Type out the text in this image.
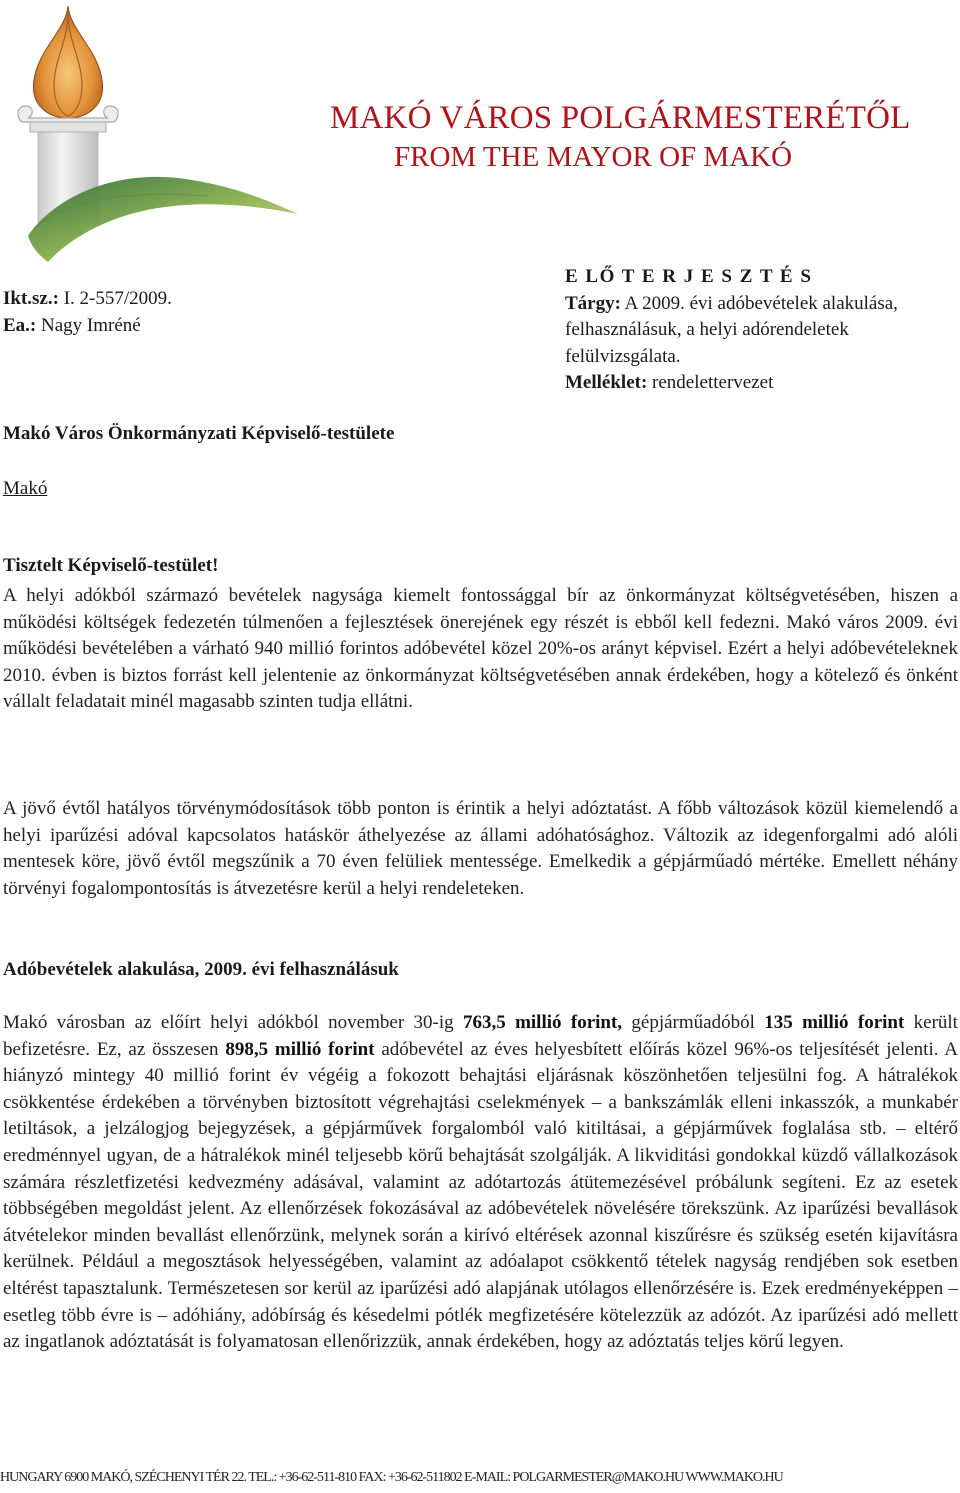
MAKÓ VÁROS POLGÁRMESTERÉTŐL
FROM THE MAYOR OF MAKÓ
Ikt.sz.: I. 2-557/2009.
Ea.: Nagy Imréné
E LŐ T E R J E S Z T É S
Tárgy: A 2009. évi adóbevételek alakulása, felhasználásuk, a helyi adórendeletek felülvizsgálata.
Melléklet: rendelettervezet
Makó Város Önkormányzati Képviselő-testülete
Makó
Tisztelt Képviselő-testület!
A helyi adókból származó bevételek nagysága kiemelt fontossággal bír az önkormányzat költségvetésében, hiszen a működési költségek fedezetén túlmenően a fejlesztések önerejének egy részét is ebből kell fedezni. Makó város 2009. évi működési bevételében a várható 940 millió forintos adóbevétel közel 20%-os arányt képvisel. Ezért a helyi adóbevételeknek 2010. évben is biztos forrást kell jelentenie az önkormányzat költségvetésében annak érdekében, hogy a kötelező és önként vállalt feladatait minél magasabb szinten tudja ellátni.
A jövő évtől hatályos törvénymódosítások több ponton is érintik a helyi adóztatást. A főbb változások közül kiemelendő a helyi iparűzési adóval kapcsolatos hatáskör áthelyezése az állami adóhatósághoz. Változik az idegenforgalmi adó alóli mentesek köre, jövő évtől megszűnik a 70 éven felüliek mentessége. Emelkedik a gépjárműadó mértéke. Emellett néhány törvényi fogalompontosítás is átvezetésre kerül a helyi rendeleteken.
Adóbevételek alakulása, 2009. évi felhasználásuk
Makó városban az előírt helyi adókból november 30-ig 763,5 millió forint, gépjárműadóból 135 millió forint került befizetésre. Ez, az összesen 898,5 millió forint adóbevétel az éves helyesbített előírás közel 96%-os teljesítését jelenti. A hiányzó mintegy 40 millió forint év végéig a fokozott behajtási eljárásnak köszönhetően teljesülni fog. A hátralékok csökkentése érdekében a törvényben biztosított végrehajtási cselekmények – a bankszámlák elleni inkasszók, a munkabér letiltások, a jelzálogjog bejegyzések, a gépjárművek forgalomból való kitiltásai, a gépjárművek foglalása stb. – eltérő eredménnyel ugyan, de a hátralékok minél teljesebb körű behajtását szolgálják. A likviditási gondokkal küzdő vállalkozások számára részletfizetési kedvezmény adásával, valamint az adótartozás átütemezésével próbálunk segíteni. Ez az esetek többségében megoldást jelent. Az ellenőrzések fokozásával az adóbevételek növelésére törekszünk. Az iparűzési bevallások átvételekor minden bevallást ellenőrzünk, melynek során a kirívó eltérések azonnal kiszűrésre és szükség esetén kijavításra kerülnek. Például a megosztások helyességében, valamint az adóalapot csökkentő tételek nagyság rendjében sok esetben eltérést tapasztalunk. Természetesen sor kerül az iparűzési adó alapjának utólagos ellenőrzésére is. Ezek eredményeképpen – esetleg több évre is – adóhiány, adóbírság és késedelmi pótlék megfizetésére kötelezzük az adózót. Az iparűzési adó mellett az ingatlanok adóztatását is folyamatosan ellenőrizzük, annak érdekében, hogy az adóztatás teljes körű legyen.
HUNGARY 6900 MAKÓ, SZÉCHENYI TÉR 22. TEL.: +36-62-511-810 FAX: +36-62-511802 E-MAIL: POLGARMESTER@MAKO.HU WWW.MAKO.HU
